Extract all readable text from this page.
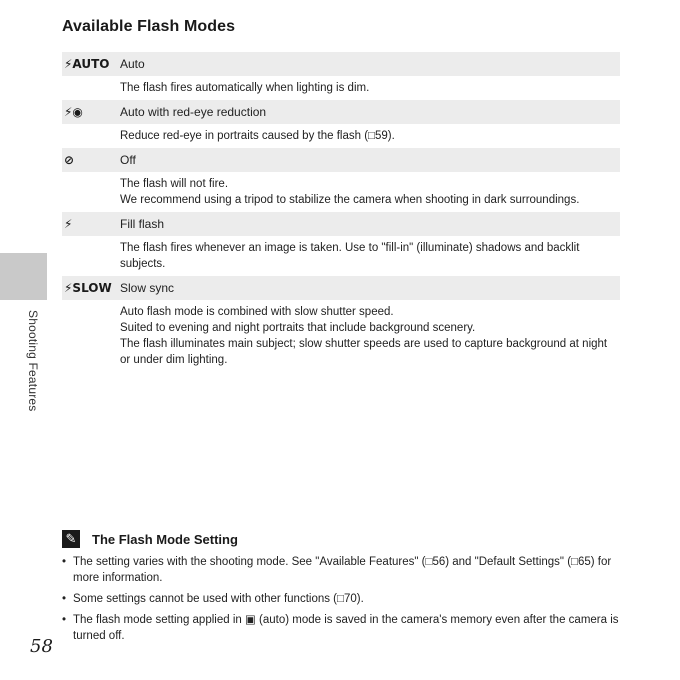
Available Flash Modes
⚡AUTO Auto
The flash fires automatically when lighting is dim.
⚡◉	Auto with red-eye reduction
Reduce red-eye in portraits caused by the flash (□59).
⊘	Off
The flash will not fire.
We recommend using a tripod to stabilize the camera when shooting in dark surroundings.
⚡	Fill flash
The flash fires whenever an image is taken. Use to "fill-in" (illuminate) shadows and backlit subjects.
⚡SLOW Slow sync
Auto flash mode is combined with slow shutter speed.
Suited to evening and night portraits that include background scenery.
The flash illuminates main subject; slow shutter speeds are used to capture background at night or under dim lighting.
Shooting Features
✎ The Flash Mode Setting
• The setting varies with the shooting mode. See "Available Features" (□56) and "Default Settings" (□65) for more information.
• Some settings cannot be used with other functions (□70).
• The flash mode setting applied in ▣ (auto) mode is saved in the camera's memory even after the camera is turned off.
58
